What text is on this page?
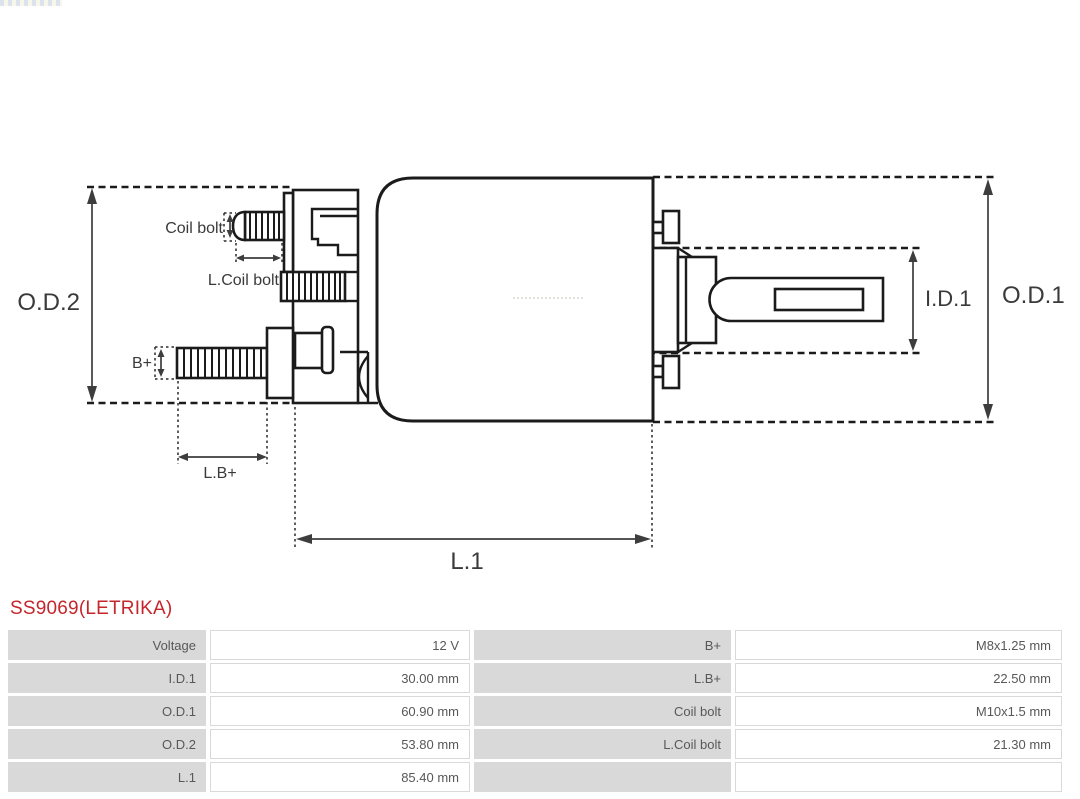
O.D.2	O.D.1
I.D.1
L.1
Coil bolt
L.Coil bolt
B+
L.B+
SS9069(LETRIKA)
Voltage	12 V	B+	M8x1.25 mm
I.D.1	30.00 mm	L.B+	22.50 mm
O.D.1	60.90 mm	Coil bolt	M10x1.5 mm
O.D.2	53.80 mm	L.Coil bolt	21.30 mm
L.1	85.40 mm
